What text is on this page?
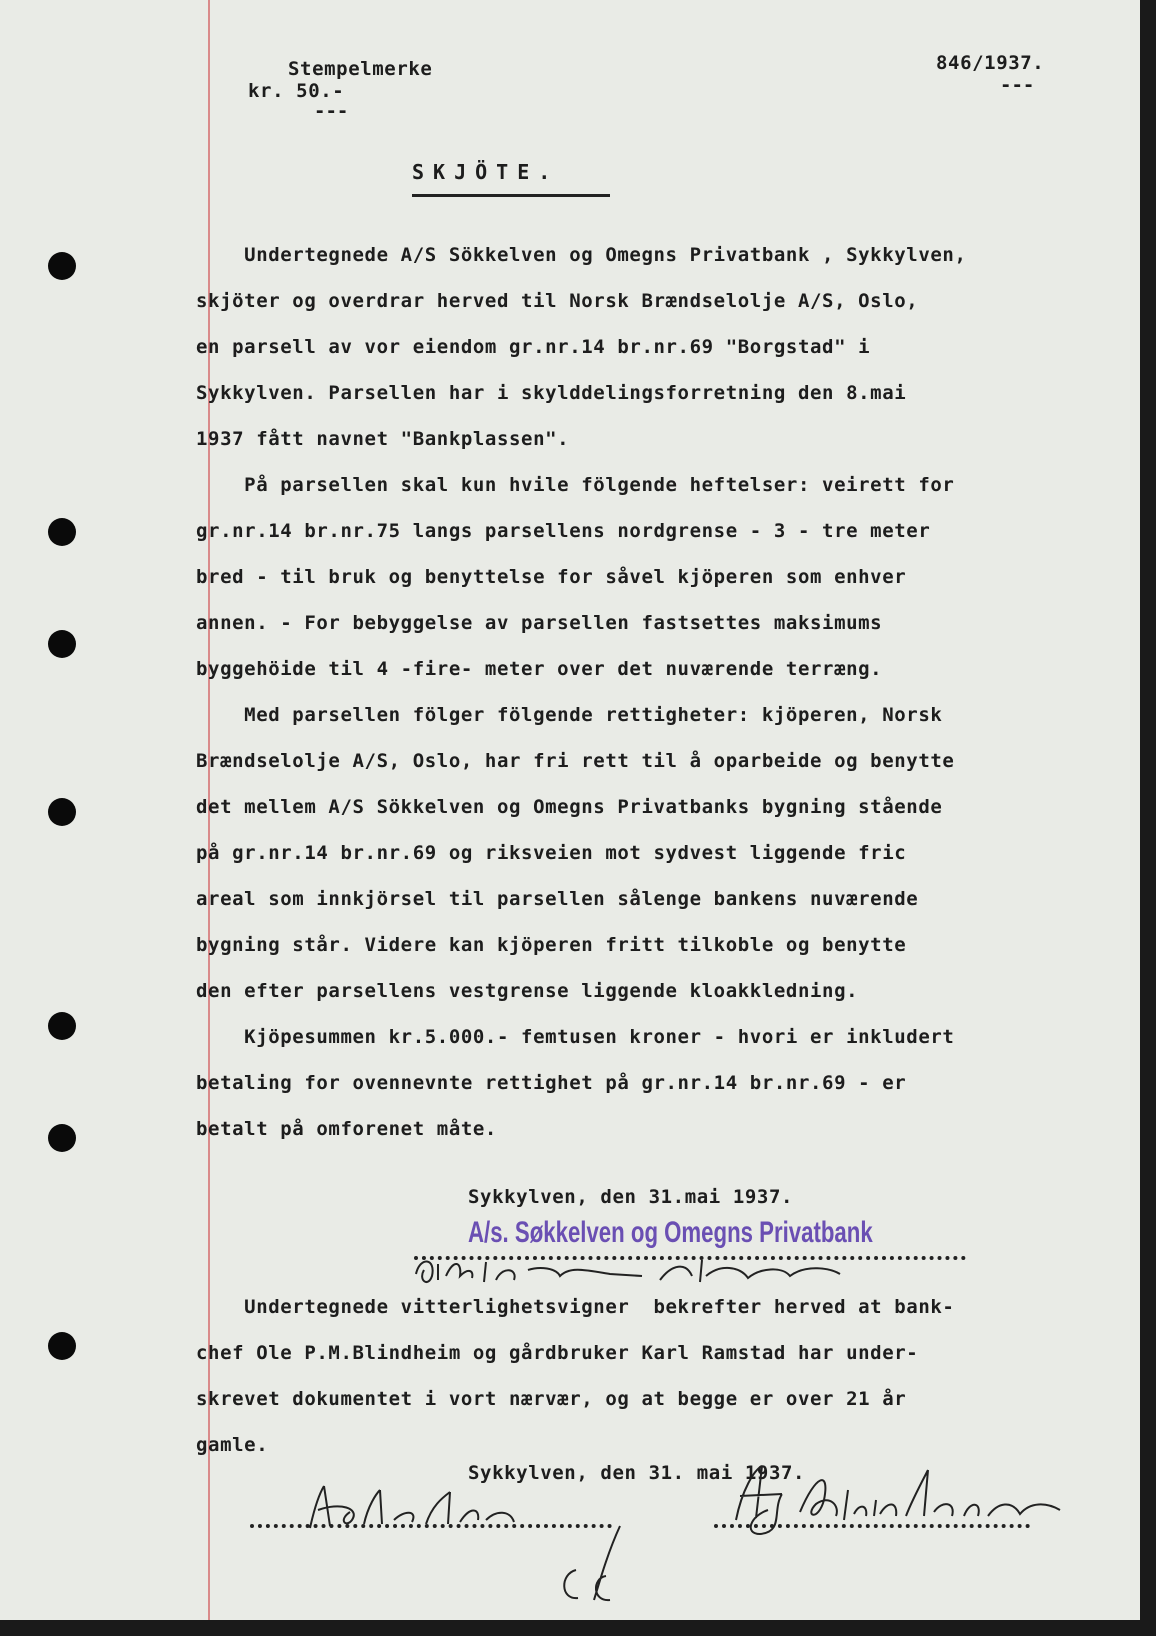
Stempelmerke
kr. 50.-
---
846/1937.
---
SKJÖTE.
Undertegnede A/S Sökkelven og Omegns Privatbank , Sykkylven,
skjöter og overdrar herved til Norsk Brændselolje A/S, Oslo,
en parsell av vor eiendom gr.nr.14 br.nr.69 "Borgstad" i
Sykkylven. Parsellen har i skylddelingsforretning den 8.mai
1937 fått navnet "Bankplassen".
På parsellen skal kun hvile fölgende heftelser: veirett for
gr.nr.14 br.nr.75 langs parsellens nordgrense - 3 - tre meter
bred - til bruk og benyttelse for såvel kjöperen som enhver
annen. - For bebyggelse av parsellen fastsettes maksimums
byggehöide til 4 -fire- meter over det nuværende terræng.
Med parsellen fölger fölgende rettigheter: kjöperen, Norsk
Brændselolje A/S, Oslo, har fri rett til å oparbeide og benytte
det mellem A/S Sökkelven og Omegns Privatbanks bygning stående
på gr.nr.14 br.nr.69 og riksveien mot sydvest liggende fric
areal som innkjörsel til parsellen sålenge bankens nuværende
bygning står. Videre kan kjöperen fritt tilkoble og benytte
den efter parsellens vestgrense liggende kloakkledning.
Kjöpesummen kr.5.000.- femtusen kroner - hvori er inkludert
betaling for ovennevnte rettighet på gr.nr.14 br.nr.69 - er
betalt på omforenet måte.
Sykkylven, den 31.mai 1937.
A/s. Søkkelven og Omegns Privatbank
Undertegnede vitterlighetsvigner  bekrefter herved at bank-
chef Ole P.M.Blindheim og gårdbruker Karl Ramstad har under-
skrevet dokumentet i vort nærvær, og at begge er over 21 år
gamle.
Sykkylven, den 31. mai 1937.
